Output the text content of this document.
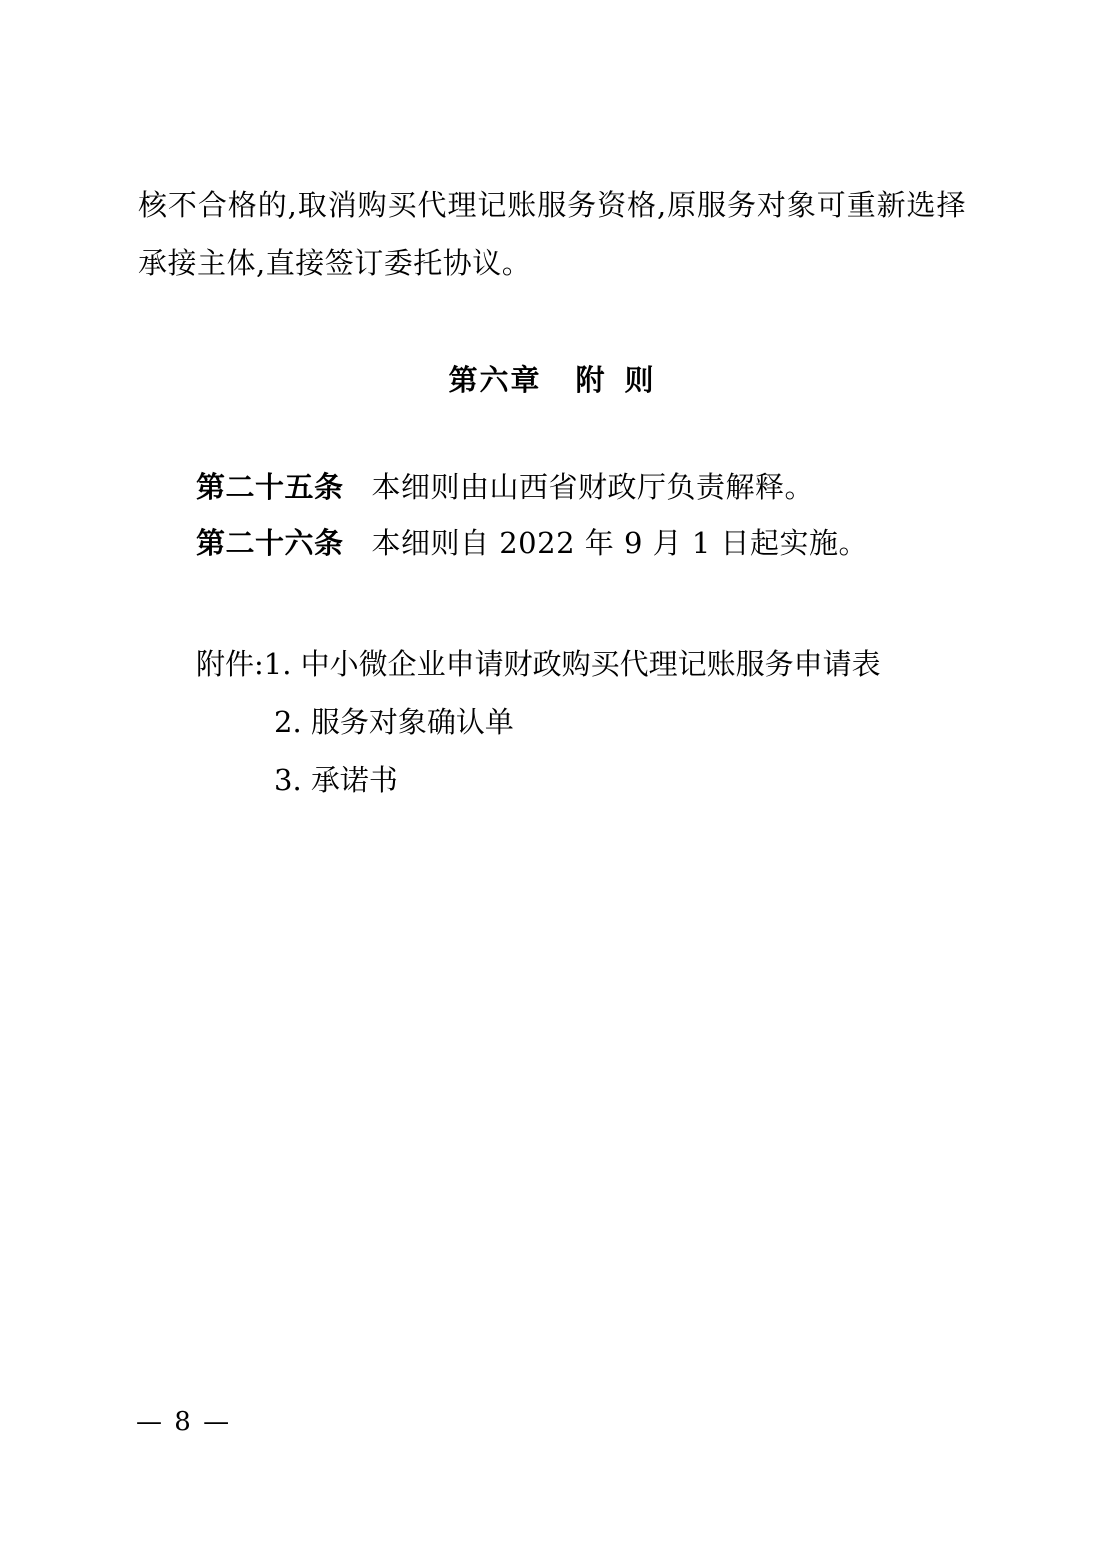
核不合格的,取消购买代理记账服务资格,原服务对象可重新选择承接主体,直接签订委托协议。

第六章 附 则

第二十五条 本细则由山西省财政厅负责解释。

第二十六条 本细则自 2022 年 9 月 1 日起实施。

附件:1. 中小微企业申请财政购买代理记账服务申请表

2. 服务对象确认单

3. 承诺书

— 8 —
